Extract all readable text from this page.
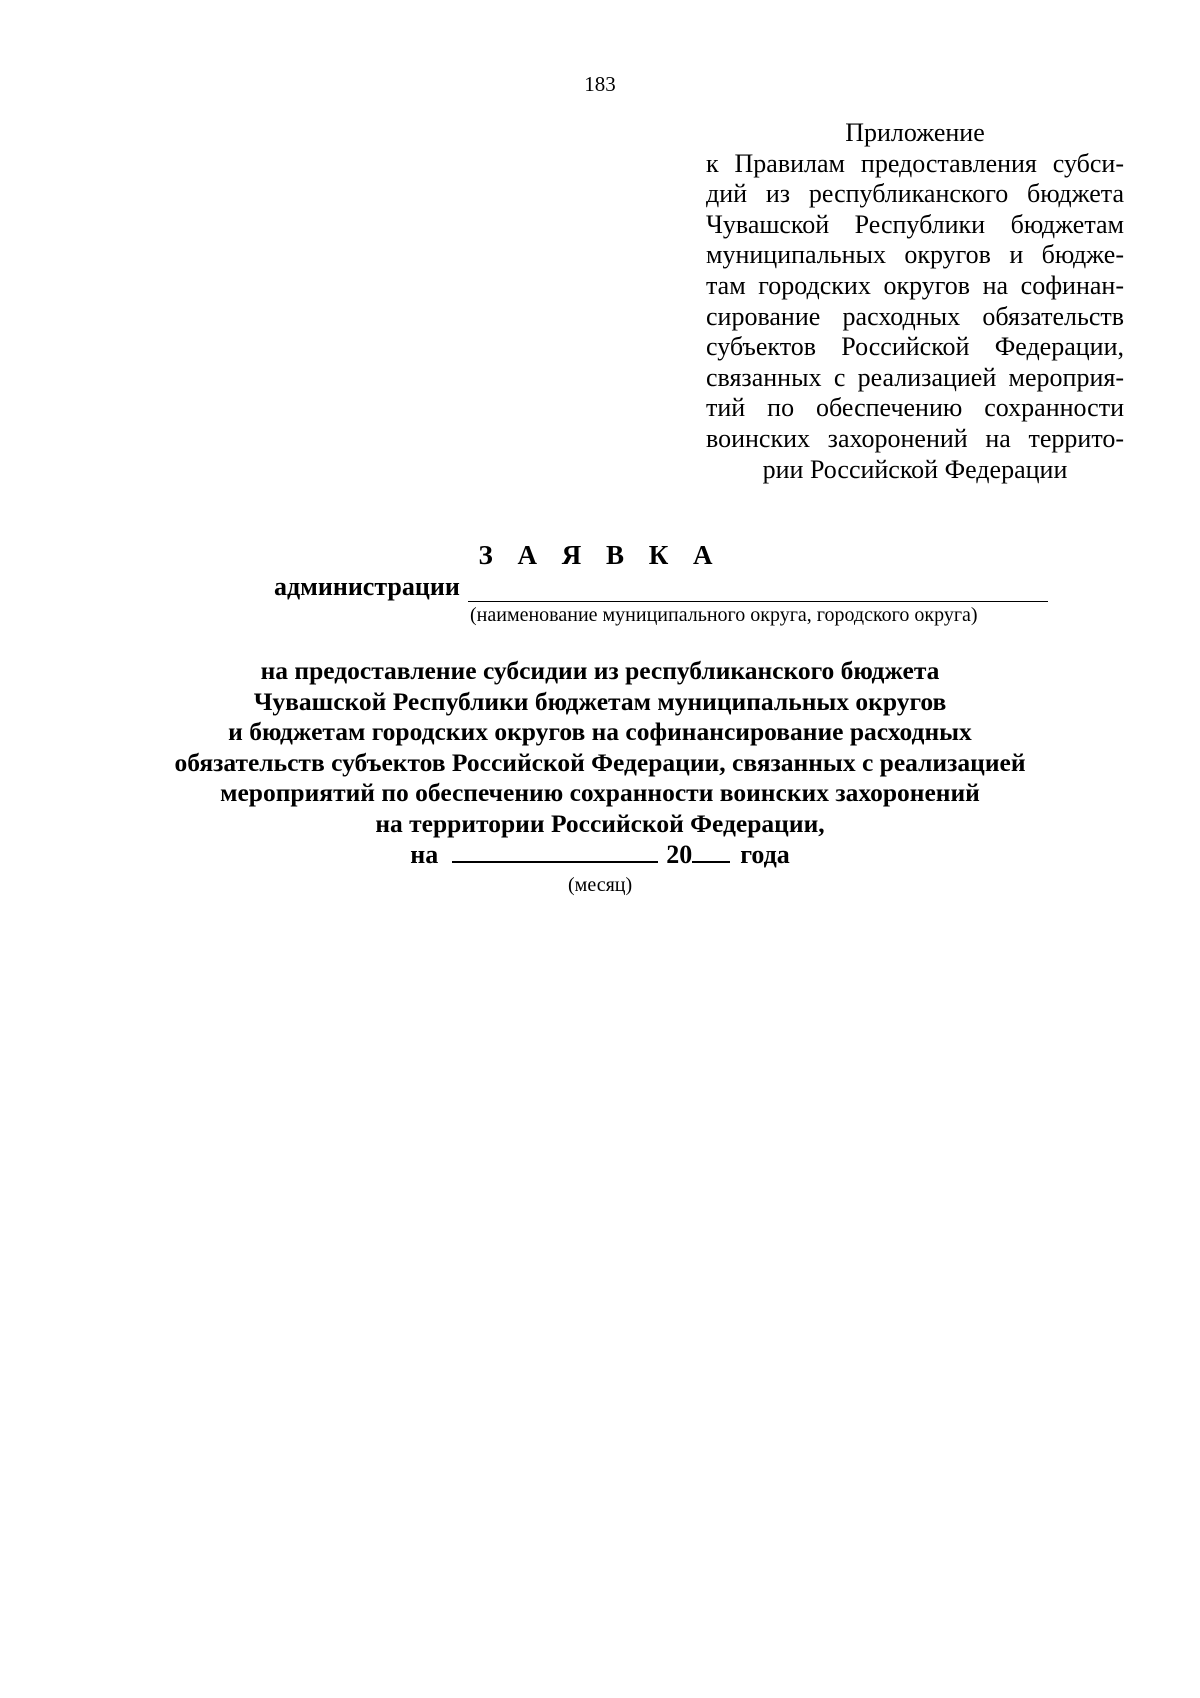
183
Приложение
к Правилам предоставления субси-
дий из республиканского бюджета
Чувашской Республики бюджетам
муниципальных округов и бюдже-
там городских округов на софинан-
сирование расходных обязательств
субъектов Российской Федерации,
связанных с реализацией мероприя-
тий по обеспечению сохранности
воинских захоронений на террито-
рии Российской Федерации
З А Я В К А
администрации
(наименование муниципального округа, городского округа)
на предоставление субсидии из республиканского бюджета
Чувашской Республики бюджетам муниципальных округов
и бюджетам городских округов на софинансирование расходных
обязательств субъектов Российской Федерации, связанных с реализацией
мероприятий по обеспечению сохранности воинских захоронений
на территории Российской Федерации,
на	20 года
(месяц)
